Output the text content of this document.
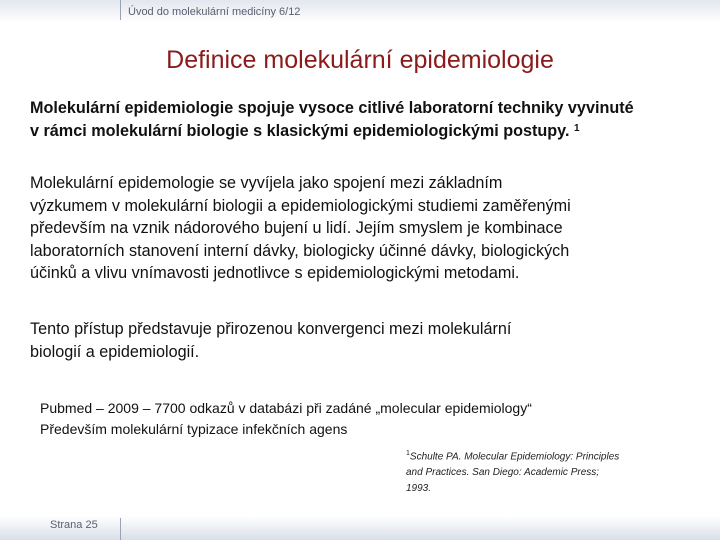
Úvod do molekulární medicíny 6/12
Definice molekulární epidemiologie

Molekulární epidemiologie spojuje vysoce citlivé laboratorní techniky vyvinuté
v rámci molekulární biologie s klasickými epidemiologickými postupy. $^1$

Molekulární epidemologie se vyvíjela jako spojení mezi základním
výzkumem v molekulární biologii a epidemiologickými studiemi zaměřenými
především na vznik nádorového bujení u lidí. Jejím smyslem je kombinace
laboratorních stanovení interní dávky, biologicky účinné dávky, biologických
účinků a vlivu vnímavosti jednotlivce s epidemiologickými metodami.

Tento přístup představuje přirozenou konvergenci mezi molekulární
biologií a epidemiologií.

Pubmed – 2009 – 7700 odkazů v databázi při zadáné „molecular epidemiology“
Především molekulární typizace infekčních agens

$^1$Schulte PA. Molecular Epidemiology: Principles
and Practices. San Diego: Academic Press;
1993.

Strana 25
